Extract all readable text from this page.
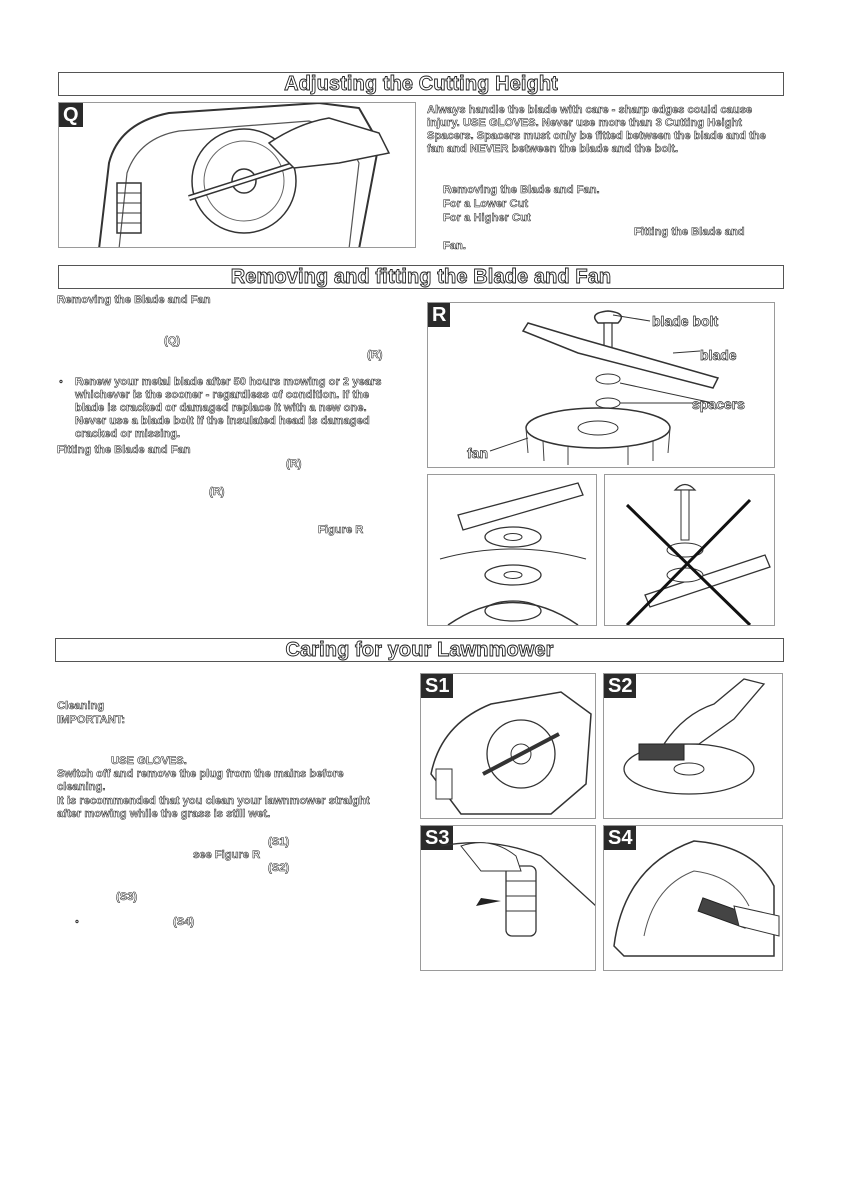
Adjusting the Cutting Height
Q	Always handle the blade with care - sharp edges could cause injury. USE GLOVES. Never use more than 3 Cutting Height Spacers. Spacers must only be fitted between the blade and the fan and NEVER between the blade and the bolt.
Removing the Blade and Fan.
For a Lower Cut
For a Higher Cut
Fitting the Blade and
Fan.
Removing and fitting the Blade and Fan
Removing the Blade and Fan
(Q)
(R)
◦ Renew your metal blade after 50 hours mowing or 2 years whichever is the sooner - regardless of condition. If the blade is cracked or damaged replace it with a new one. Never use a blade bolt if the insulated head is damaged cracked or missing.
Fitting the Blade and Fan
(R)
(R)
Figure R
R	blade bolt
blade
spacers
fan
Caring for your Lawnmower
Cleaning
IMPORTANT:
USE GLOVES.
Switch off and remove the plug from the mains before cleaning.
It is recommended that you clean your lawnmower straight after mowing while the grass is still wet.
(S1)
see Figure R
(S2)
(S3)
◦	(S4)
S1	S2
S3	S4
